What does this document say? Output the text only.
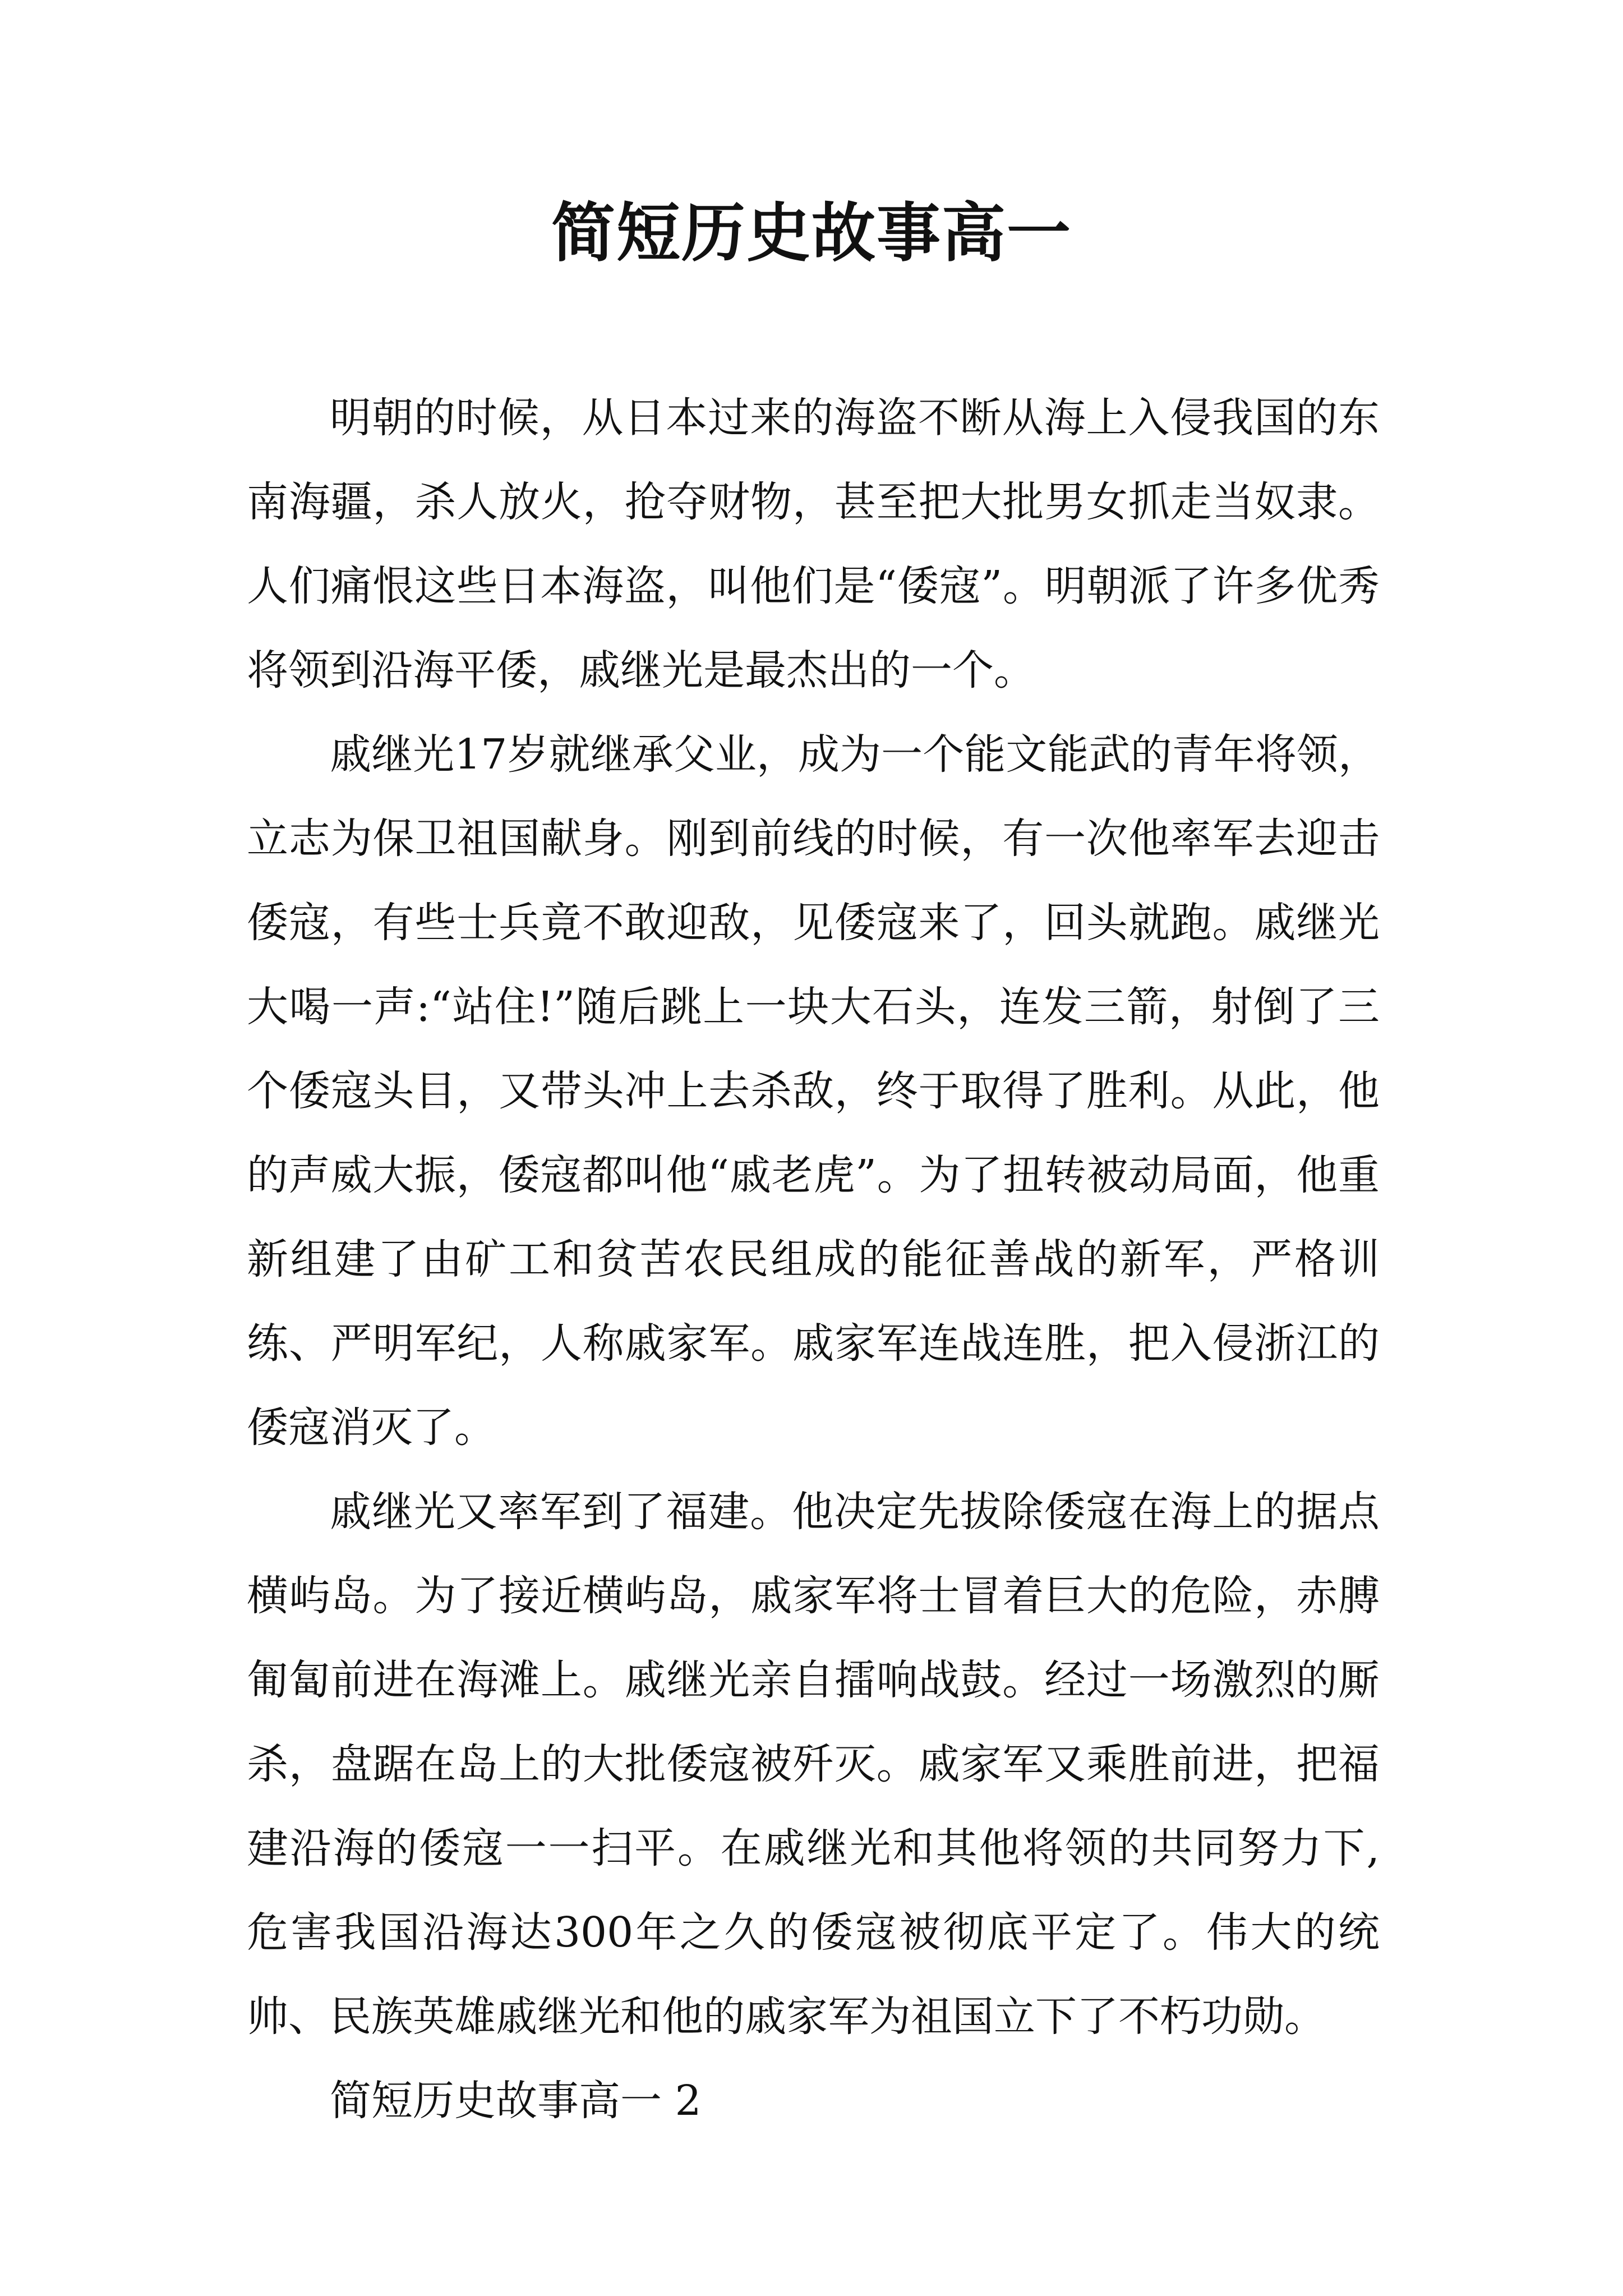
简短历史故事高一

明朝的时候，从日本过来的海盗不断从海上入侵我国的东南海疆，杀人放火，抢夺财物，甚至把大批男女抓走当奴隶。人们痛恨这些日本海盗，叫他们是“倭寇”。明朝派了许多优秀将领到沿海平倭，戚继光是最杰出的一个。

戚继光17岁就继承父业，成为一个能文能武的青年将领，立志为保卫祖国献身。刚到前线的时候，有一次他率军去迎击倭寇，有些士兵竟不敢迎敌，见倭寇来了，回头就跑。戚继光大喝一声:“站住!”随后跳上一块大石头，连发三箭，射倒了三个倭寇头目，又带头冲上去杀敌，终于取得了胜利。从此，他的声威大振，倭寇都叫他“戚老虎”。为了扭转被动局面，他重新组建了由矿工和贫苦农民组成的能征善战的新军，严格训练、严明军纪，人称戚家军。戚家军连战连胜，把入侵浙江的倭寇消灭了。

戚继光又率军到了福建。他决定先拔除倭寇在海上的据点横屿岛。为了接近横屿岛，戚家军将士冒着巨大的危险，赤膊匍匐前进在海滩上。戚继光亲自擂响战鼓。经过一场激烈的厮杀，盘踞在岛上的大批倭寇被歼灭。戚家军又乘胜前进，把福建沿海的倭寇一一扫平。在戚继光和其他将领的共同努力下,危害我国沿海达300年之久的倭寇被彻底平定了。伟大的统帅、民族英雄戚继光和他的戚家军为祖国立下了不朽功勋。

简短历史故事高一 2
